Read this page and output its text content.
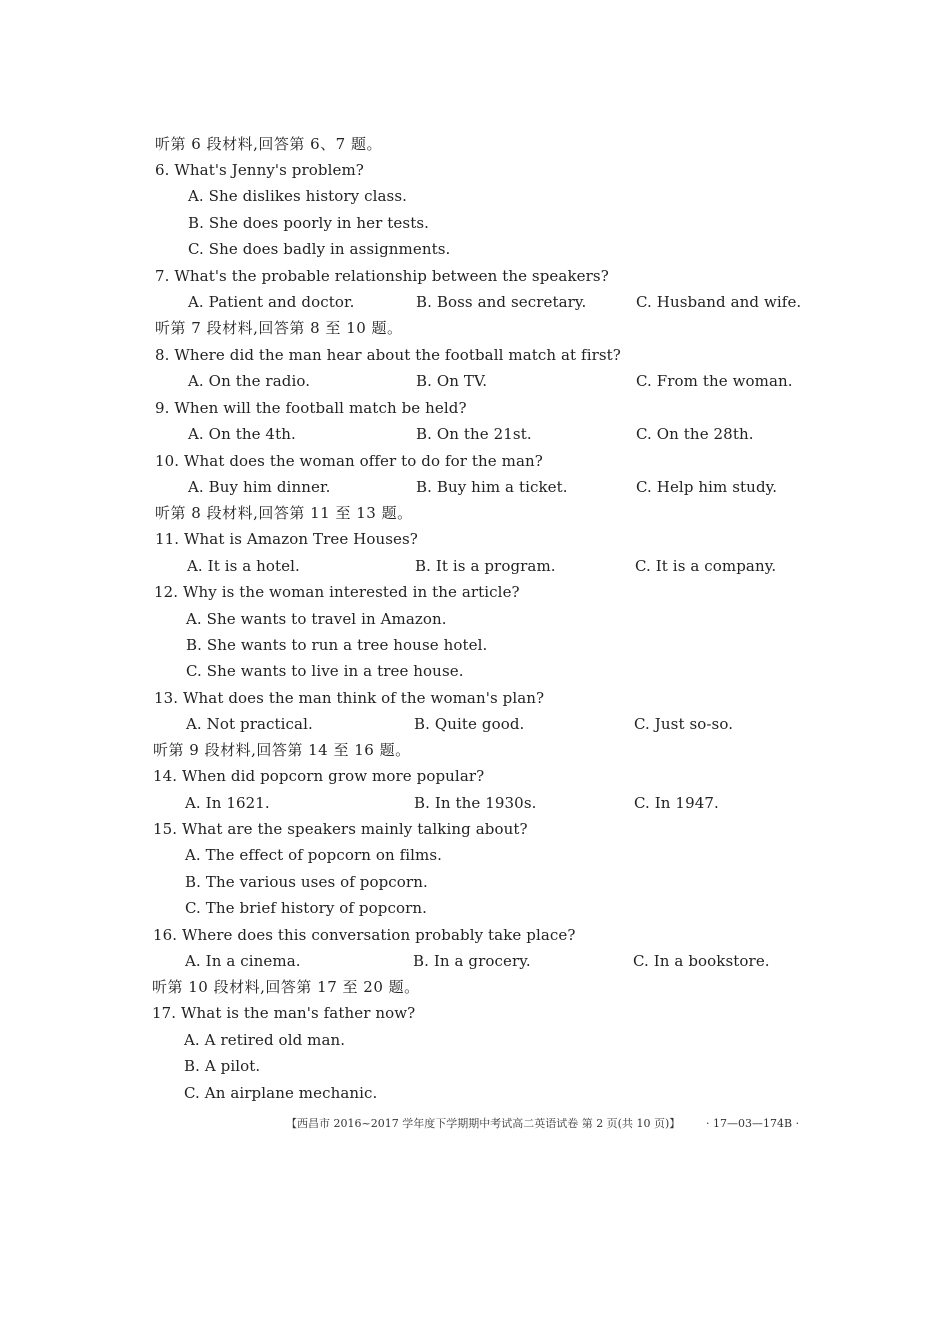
听第 6 段材料,回答第 6、7 题。
6. What's Jenny's problem?
A. She dislikes history class.
B. She does poorly in her tests.
C. She does badly in assignments.
7. What's the probable relationship between the speakers?
A. Patient and doctor.	B. Boss and secretary.	C. Husband and wife.
听第 7 段材料,回答第 8 至 10 题。
8. Where did the man hear about the football match at first?
A. On the radio.	B. On TV.	C. From the woman.
9. When will the football match be held?
A. On the 4th.	B. On the 21st.	C. On the 28th.
10. What does the woman offer to do for the man?
A. Buy him dinner.	B. Buy him a ticket.	C. Help him study.
听第 8 段材料,回答第 11 至 13 题。
11. What is Amazon Tree Houses?
A. It is a hotel.	B. It is a program.	C. It is a company.
12. Why is the woman interested in the article?
A. She wants to travel in Amazon.
B. She wants to run a tree house hotel.
C. She wants to live in a tree house.
13. What does the man think of the woman's plan?
A. Not practical.	B. Quite good.	C. Just so-so.
听第 9 段材料,回答第 14 至 16 题。
14. When did popcorn grow more popular?
A. In 1621.	B. In the 1930s.	C. In 1947.
15. What are the speakers mainly talking about?
A. The effect of popcorn on films.
B. The various uses of popcorn.
C. The brief history of popcorn.
16. Where does this conversation probably take place?
A. In a cinema.	B. In a grocery.	C. In a bookstore.
听第 10 段材料,回答第 17 至 20 题。
17. What is the man's father now?
A. A retired old man.
B. A pilot.
C. An airplane mechanic.
【西昌市 2016~2017 学年度下学期期中考试高二英语试卷 第 2 页(共 10 页)】 · 17—03—174B ·
